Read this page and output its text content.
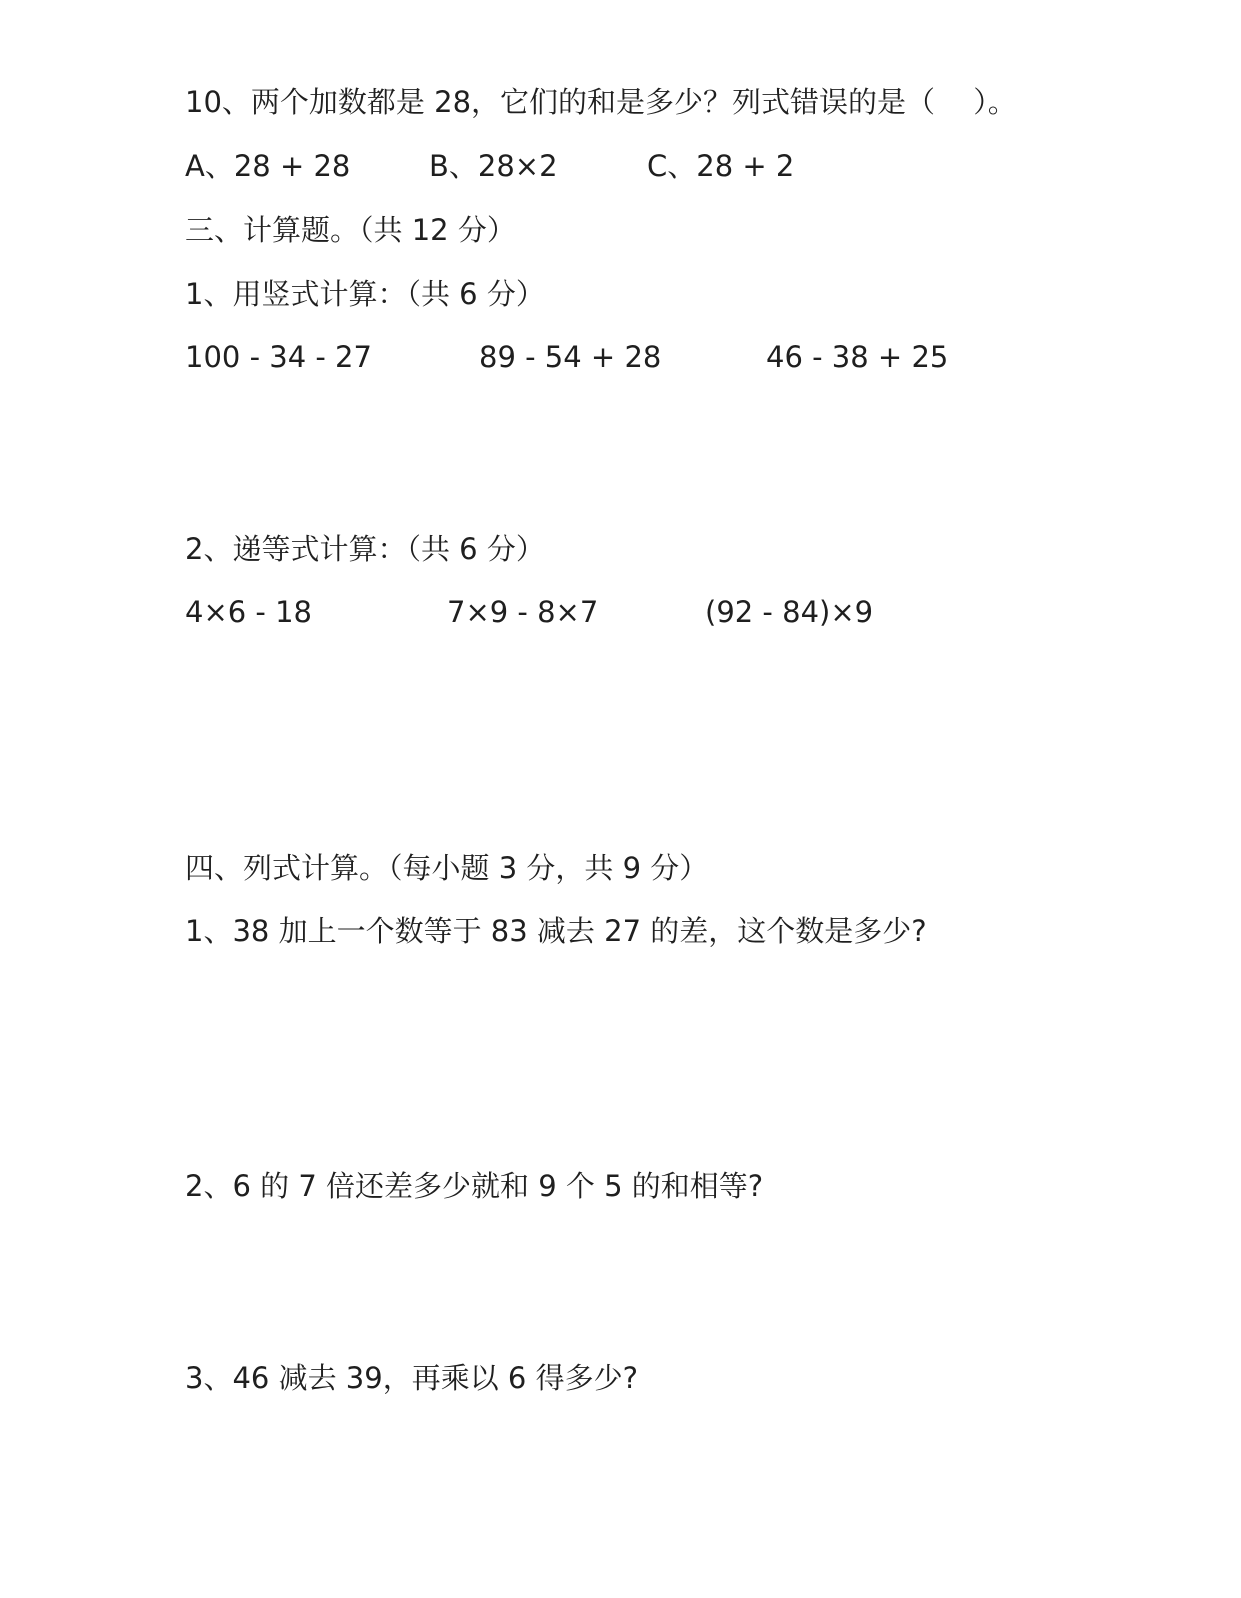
10、两个加数都是 28，它们的和是多少？列式错误的是（　 ）。
A、28 + 28	B、28×2	C、28 + 2
三、计算题。（共 12 分）
1、用竖式计算：（共 6 分）
100 - 34 - 27	89 - 54 + 28	46 - 38 + 25
2、递等式计算：（共 6 分）
4×6 - 18	7×9 - 8×7	(92 - 84)×9
四、列式计算。（每小题 3 分，共 9 分）
1、38 加上一个数等于 83 减去 27 的差，这个数是多少?
2、6 的 7 倍还差多少就和 9 个 5 的和相等?
3、46 减去 39，再乘以 6 得多少?
